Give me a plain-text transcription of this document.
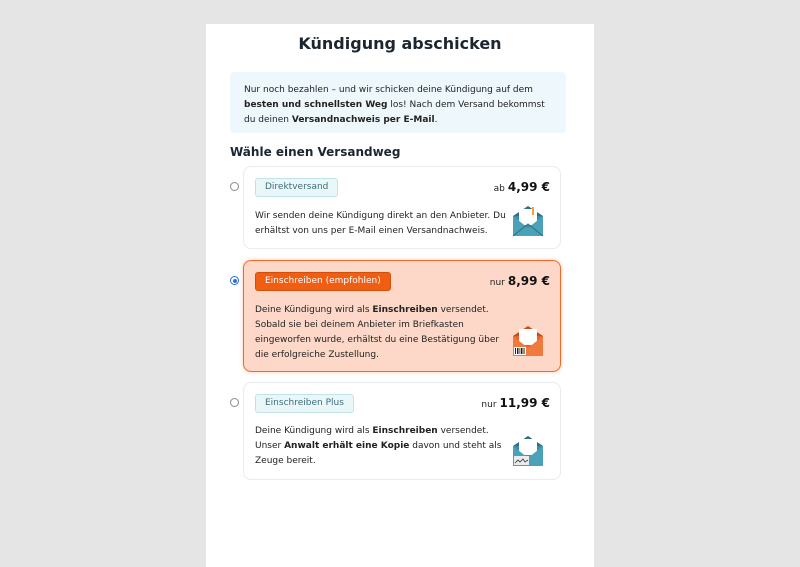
Kündigung abschicken
Nur noch bezahlen – und wir schicken deine Kündigung auf dem besten und schnellsten Weg los! Nach dem Versand bekommst du deinen Versandnachweis per E-Mail.
Wähle einen Versandweg
Direktversand	ab 4,99 €
Wir senden deine Kündigung direkt an den Anbieter. Du erhältst von uns per E-Mail einen Versandnachweis.
Einschreiben (empfohlen)	nur 8,99 €
Deine Kündigung wird als Einschreiben versendet. Sobald sie bei deinem Anbieter im Briefkasten eingeworfen wurde, erhältst du eine Bestätigung über die erfolgreiche Zustellung.
Einschreiben Plus	nur 11,99 €
Deine Kündigung wird als Einschreiben versendet. Unser Anwalt erhält eine Kopie davon und steht als Zeuge bereit.
